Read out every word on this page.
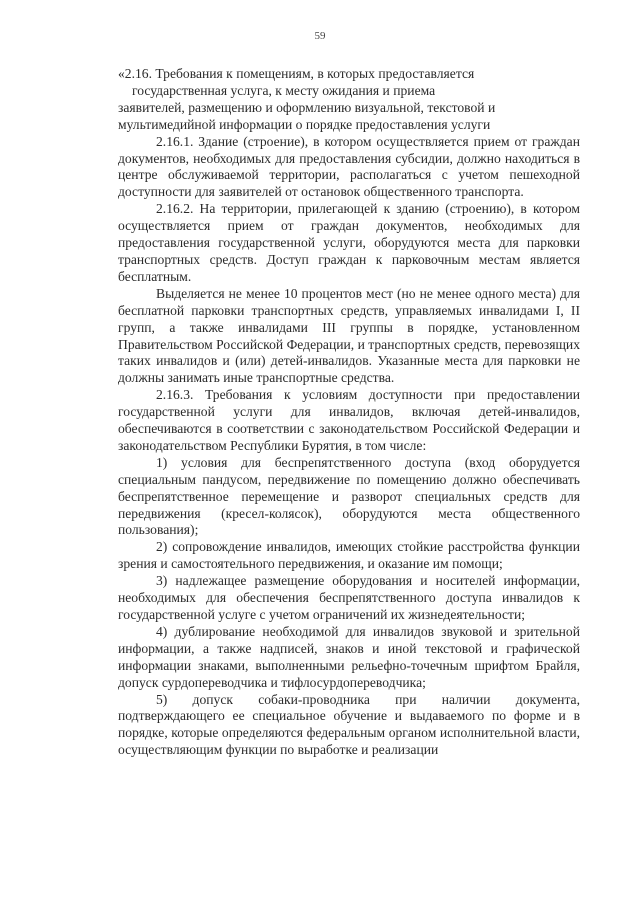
59
«2.16. Требования к помещениям, в которых предоставляется
государственная услуга, к месту ожидания и приема
заявителей, размещению и оформлению визуальной, текстовой и
мультимедийной информации о порядке предоставления услуги

2.16.1. Здание (строение), в котором осуществляется прием от граждан документов, необходимых для предоставления субсидии, должно находиться в центре обслуживаемой территории, располагаться с учетом пешеходной доступности для заявителей от остановок общественного транспорта.

2.16.2. На территории, прилегающей к зданию (строению), в котором осуществляется прием от граждан документов, необходимых для предоставления государственной услуги, оборудуются места для парковки транспортных средств. Доступ граждан к парковочным местам является бесплатным.

Выделяется не менее 10 процентов мест (но не менее одного места) для бесплатной парковки транспортных средств, управляемых инвалидами I, II групп, а также инвалидами III группы в порядке, установленном Правительством Российской Федерации, и транспортных средств, перевозящих таких инвалидов и (или) детей-инвалидов. Указанные места для парковки не должны занимать иные транспортные средства.

2.16.3. Требования к условиям доступности при предоставлении государственной услуги для инвалидов, включая детей-инвалидов, обеспечиваются в соответствии с законодательством Российской Федерации и законодательством Республики Бурятия, в том числе:

1) условия для беспрепятственного доступа (вход оборудуется специальным пандусом, передвижение по помещению должно обеспечивать беспрепятственное перемещение и разворот специальных средств для передвижения (кресел-колясок), оборудуются места общественного пользования);

2) сопровождение инвалидов, имеющих стойкие расстройства функции зрения и самостоятельного передвижения, и оказание им помощи;

3) надлежащее размещение оборудования и носителей информации, необходимых для обеспечения беспрепятственного доступа инвалидов к государственной услуге с учетом ограничений их жизнедеятельности;

4) дублирование необходимой для инвалидов звуковой и зрительной информации, а также надписей, знаков и иной текстовой и графической информации знаками, выполненными рельефно-точечным шрифтом Брайля, допуск сурдопереводчика и тифлосурдопереводчика;

5) допуск собаки-проводника при наличии документа, подтверждающего ее специальное обучение и выдаваемого по форме и в порядке, которые определяются федеральным органом исполнительной власти, осуществляющим функции по выработке и реализации
